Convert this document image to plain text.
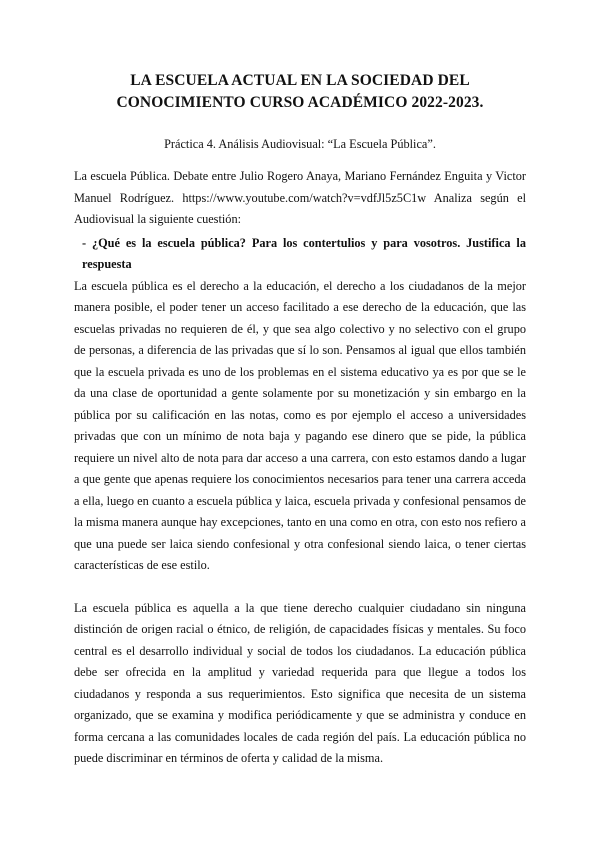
LA ESCUELA ACTUAL EN LA SOCIEDAD DEL
CONOCIMIENTO CURSO ACADÉMICO 2022-2023.
Práctica 4. Análisis Audiovisual: “La Escuela Pública”.

La escuela Pública. Debate entre Julio Rogero Anaya, Mariano Fernández Enguita y Victor Manuel Rodríguez. https://www.youtube.com/watch?v=vdfJl5z5C1w Analiza según el Audiovisual la siguiente cuestión:

- ¿Qué es la escuela pública? Para los contertulios y para vosotros. Justifica la respuesta

La escuela pública es el derecho a la educación, el derecho a los ciudadanos de la mejor manera posible, el poder tener un acceso facilitado a ese derecho de la educación, que las escuelas privadas no requieren de él, y que sea algo colectivo y no selectivo con el grupo de personas, a diferencia de las privadas que sí lo son. Pensamos al igual que ellos también que la escuela privada es uno de los problemas en el sistema educativo ya es por que se le da una clase de oportunidad a gente solamente por su monetización y sin embargo en la pública por su calificación en las notas, como es por ejemplo el acceso a universidades privadas que con un mínimo de nota baja y pagando ese dinero que se pide, la pública requiere un nivel alto de nota para dar acceso a una carrera, con esto estamos dando a lugar a que gente que apenas requiere los conocimientos necesarios para tener una carrera acceda a ella, luego en cuanto a escuela pública y laica, escuela privada y confesional pensamos de la misma manera aunque hay excepciones, tanto en una como en otra, con esto nos refiero a que una puede ser laica siendo confesional y otra confesional siendo laica, o tener ciertas características de ese estilo.

La escuela pública es aquella a la que tiene derecho cualquier ciudadano sin ninguna distinción de origen racial o étnico, de religión, de capacidades físicas y mentales. Su foco central es el desarrollo individual y social de todos los ciudadanos. La educación pública debe ser ofrecida en la amplitud y variedad requerida para que llegue a todos los ciudadanos y responda a sus requerimientos. Esto significa que necesita de un sistema organizado, que se examina y modifica periódicamente y que se administra y conduce en forma cercana a las comunidades locales de cada región del país. La educación pública no puede discriminar en términos de oferta y calidad de la misma.
